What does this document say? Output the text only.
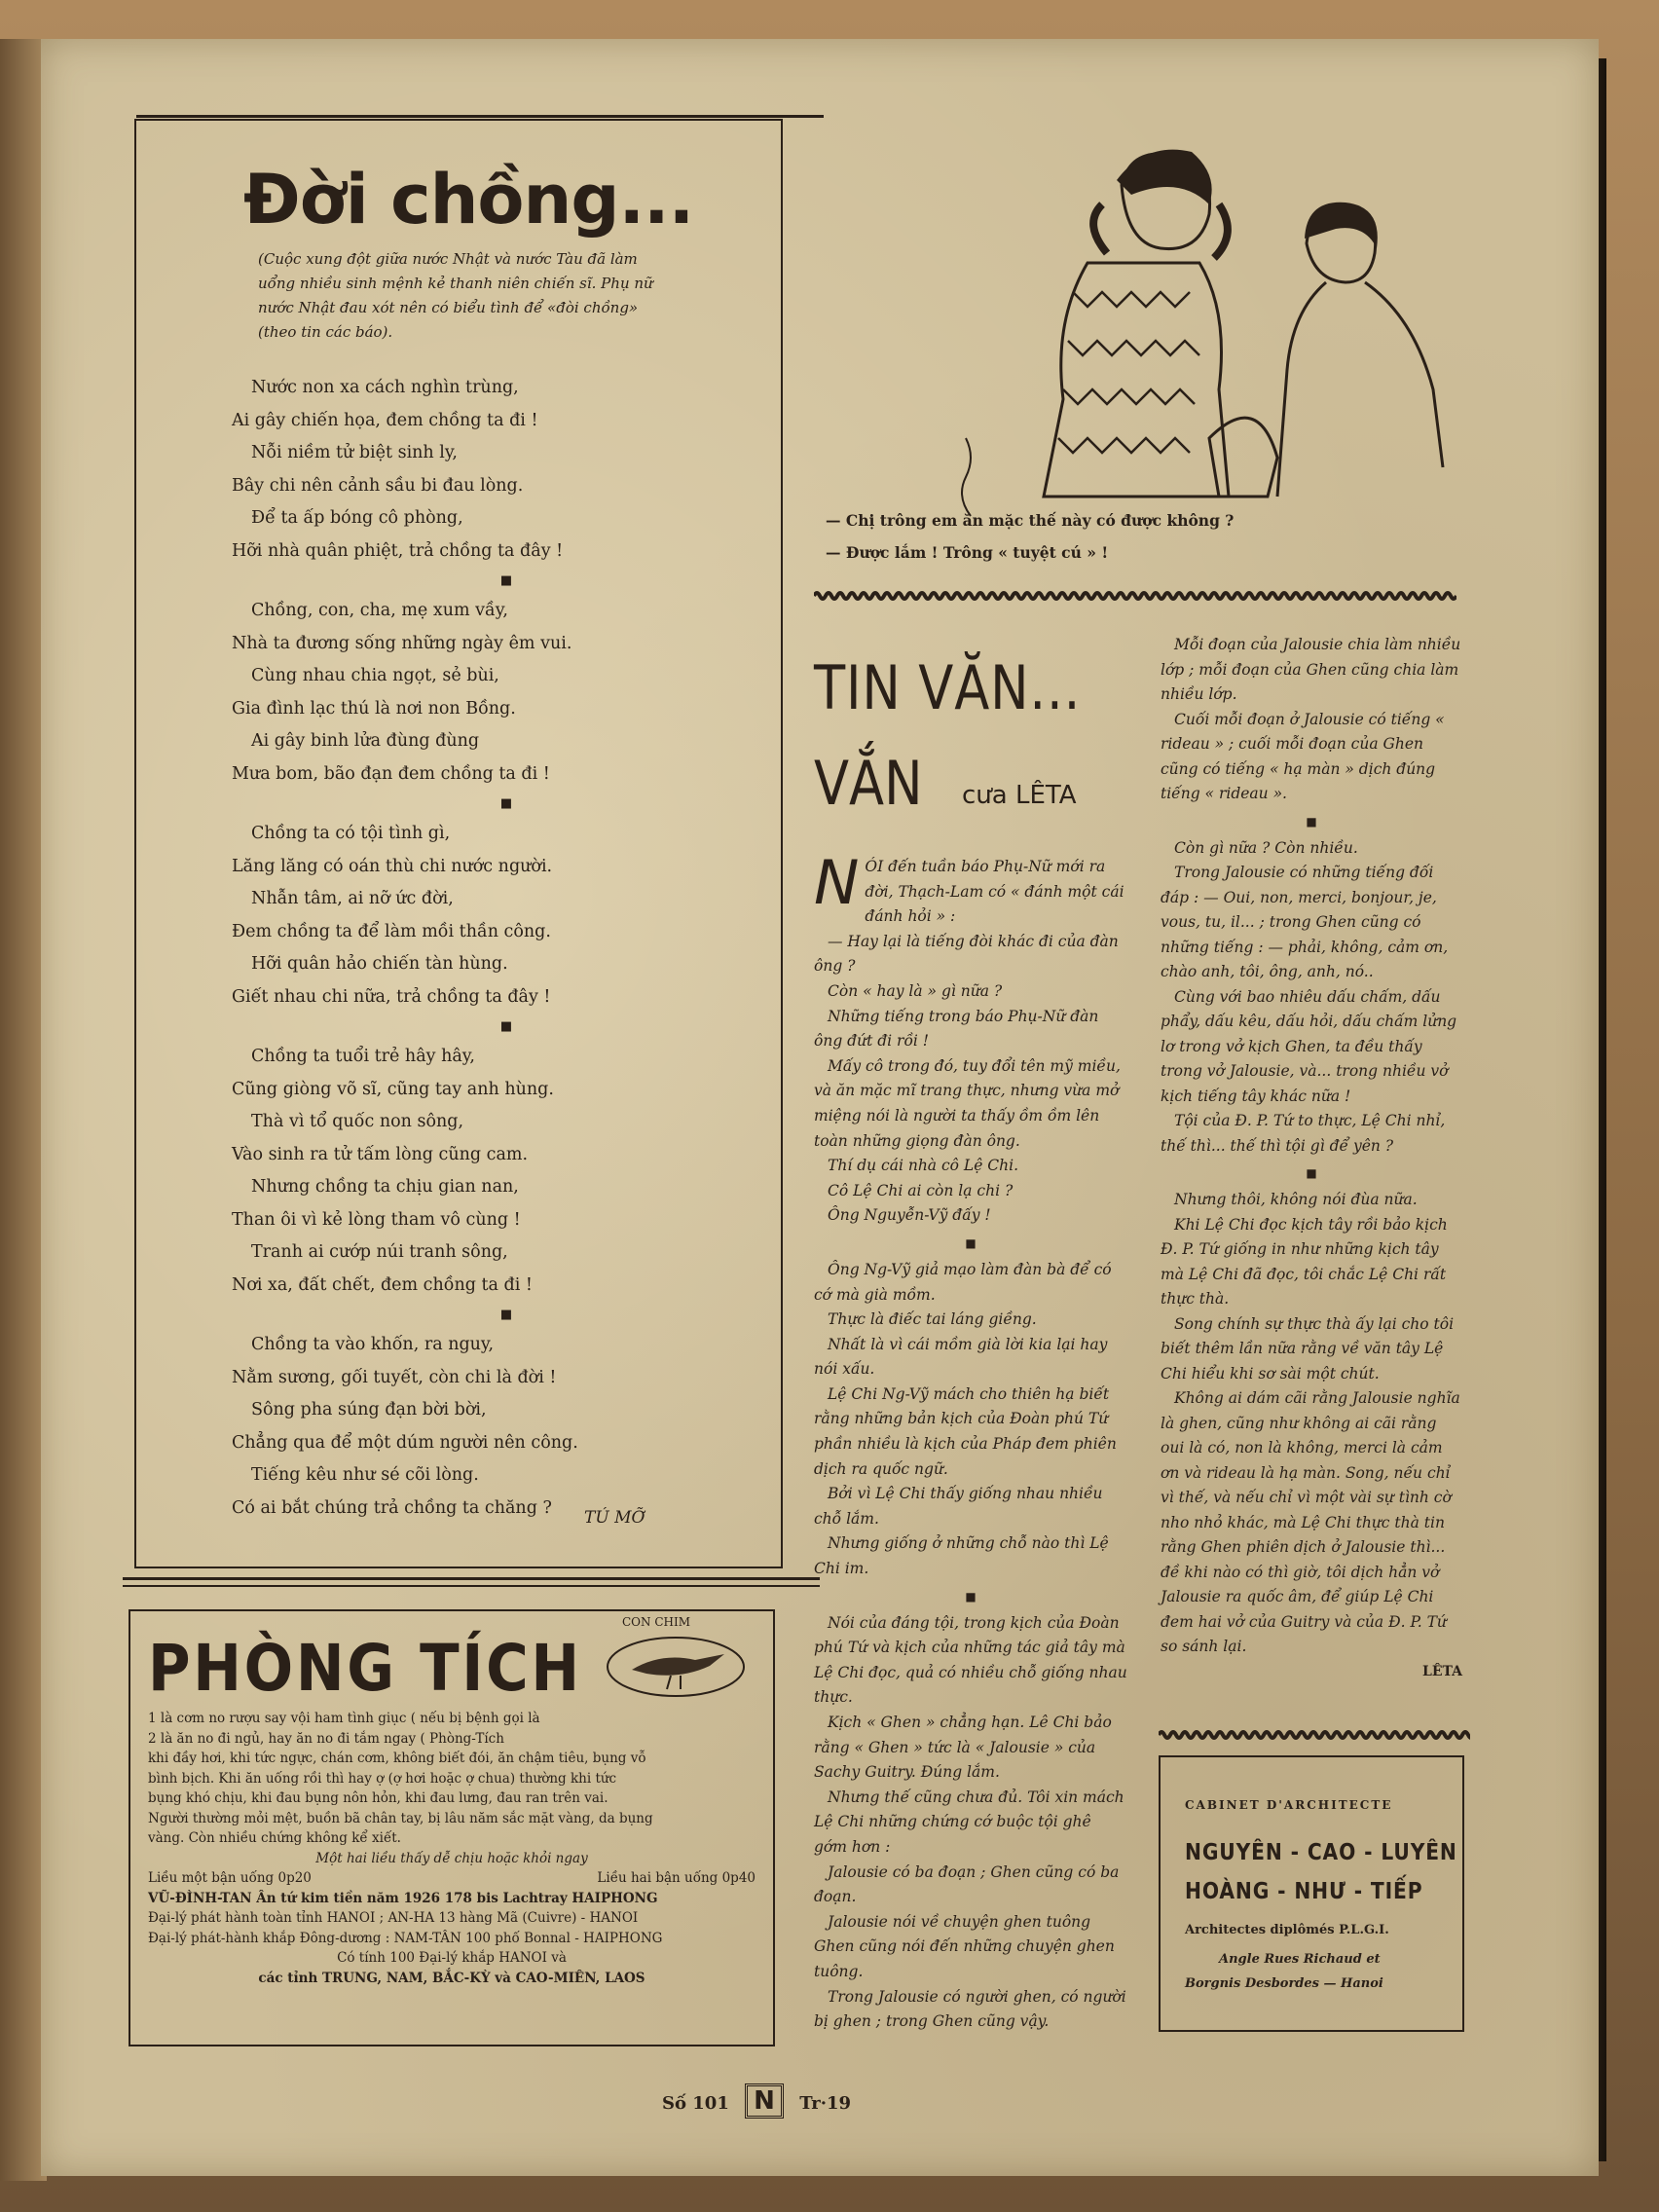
Đời chồng...
(Cuộc xung đột giữa nước Nhật và nước Tàu đã làm uổng nhiều sinh mệnh kẻ thanh niên chiến sĩ. Phụ nữ nước Nhật đau xót nên có biểu tình để «đòi chồng» (theo tin các báo).
Nước non xa cách nghìn trùng,
Ai gây chiến họa, đem chồng ta đi !
Nỗi niềm tử biệt sinh ly,
Bây chi nên cảnh sầu bi đau lòng.
Để ta ấp bóng cô phòng,
Hỡi nhà quân phiệt, trả chồng ta đây !
■
Chồng, con, cha, mẹ xum vầy,
Nhà ta đương sống những ngày êm vui.
Cùng nhau chia ngọt, sẻ bùi,
Gia đình lạc thú là nơi non Bồng.
Ai gây binh lửa đùng đùng
Mưa bom, bão đạn đem chồng ta đi !
■
Chồng ta có tội tình gì,
Lăng lăng có oán thù chi nước người.
Nhẫn tâm, ai nỡ ức đời,
Đem chồng ta để làm mồi thần công.
Hỡi quân hảo chiến tàn hùng.
Giết nhau chi nữa, trả chồng ta đây !
■
Chồng ta tuổi trẻ hây hây,
Cũng giòng võ sĩ, cũng tay anh hùng.
Thà vì tổ quốc non sông,
Vào sinh ra tử tấm lòng cũng cam.
Nhưng chồng ta chịu gian nan,
Than ôi vì kẻ lòng tham vô cùng !
Tranh ai cướp núi tranh sông,
Nơi xa, đất chết, đem chồng ta đi !
■
Chồng ta vào khốn, ra nguy,
Nằm sương, gối tuyết, còn chi là đời !
Sông pha súng đạn bời bời,
Chẳng qua để một dúm người nên công.
Tiếng kêu như sé cõi lòng.
Có ai bắt chúng trả chồng ta chăng ?
TÚ MỠ
PHÒNG TÍCH
CON CHIM
1 là cơm no rượu say vội ham tình giục ( nếu bị bệnh gọi là
2 là ăn no đi ngủ, hay ăn no đi tắm ngay ( Phòng-Tích
khi đầy hơi, khi tức ngực, chán cơm, không biết đói, ăn chậm tiêu, bụng vỗ
bình bịch. Khi ăn uống rồi thì hay ợ (ợ hơi hoặc ợ chua) thường khi tức
bụng khó chịu, khi đau bụng nôn hỏn, khi đau lưng, đau ran trên vai.
Người thường mỏi mệt, buồn bã chân tay, bị lâu năm sắc mặt vàng, da bụng
vàng. Còn nhiều chứng không kể xiết.
Một hai liều thấy dễ chịu hoặc khỏi ngay
Liều một bận uống 0p20	Liều hai bận uống 0p40
VŨ-ĐÌNH-TAN Ân tứ kim tiền năm 1926 178 bis Lachtray HAIPHONG
Đại-lý phát hành toàn tỉnh HANOI ; AN-HA 13 hàng Mã (Cuivre) - HANOI
Đại-lý phát-hành khắp Đông-dương : NAM-TÂN 100 phố Bonnal - HAIPHONG
Có tính 100 Đại-lý khắp HANOI và
các tỉnh TRUNG, NAM, BẮC-KỲ và CAO-MIÊN, LAOS
— Chị trông em ăn mặc thế này có được không ?
— Được lắm ! Trông « tuyệt cú » !
TIN VĂN...
VẮN cưa LÊTA
NÓI đến tuần báo Phụ-Nữ mới ra đời, Thạch-Lam có « đánh một cái đánh hỏi » :
— Hay lại là tiếng đòi khác đi của đàn ông ?
Còn « hay là » gì nữa ?
Những tiếng trong báo Phụ-Nữ đàn ông đứt đi rồi !
Mấy cô trong đó, tuy đổi tên mỹ miều, và ăn mặc mĩ trang thực, nhưng vừa mở miệng nói là người ta thấy ồm ồm lên toàn những giọng đàn ông.
Thí dụ cái nhà cô Lệ Chi.
Cô Lệ Chi ai còn lạ chi ?
Ông Nguyễn-Vỹ đấy !
■
Ông Ng-Vỹ giả mạo làm đàn bà để có cớ mà già mồm.
Thực là điếc tai láng giềng.
Nhất là vì cái mồm già lời kia lại hay nói xấu.
Lệ Chi Ng-Vỹ mách cho thiên hạ biết rằng những bản kịch của Đoàn phú Tứ phần nhiều là kịch của Pháp đem phiên dịch ra quốc ngữ.
Bởi vì Lệ Chi thấy giống nhau nhiều chỗ lắm.
Nhưng giống ở những chỗ nào thì Lệ Chi im.
■
Nói của đáng tội, trong kịch của Đoàn phú Tứ và kịch của những tác giả tây mà Lệ Chi đọc, quả có nhiều chỗ giống nhau thực.
Kịch « Ghen » chẳng hạn. Lê Chi bảo rằng « Ghen » tức là « Jalousie » của Sachy Guitry. Đúng lắm.
Nhưng thế cũng chưa đủ. Tôi xin mách Lệ Chi những chứng cớ buộc tội ghê gớm hơn :
Jalousie có ba đoạn ; Ghen cũng có ba đoạn.
Jalousie nói về chuyện ghen tuông Ghen cũng nói đến những chuyện ghen tuông.
Trong Jalousie có người ghen, có người bị ghen ; trong Ghen cũng vậy.
Mỗi đoạn của Jalousie chia làm nhiều lớp ; mỗi đoạn của Ghen cũng chia làm nhiều lớp.
Cuối mỗi đoạn ở Jalousie có tiếng « rideau » ; cuối mỗi đoạn của Ghen cũng có tiếng « hạ màn » dịch đúng tiếng « rideau ».
■
Còn gì nữa ? Còn nhiều.
Trong Jalousie có những tiếng đối đáp : — Oui, non, merci, bonjour, je, vous, tu, il... ; trong Ghen cũng có những tiếng : — phải, không, cảm ơn, chào anh, tôi, ông, anh, nó..
Cùng với bao nhiêu dấu chấm, dấu phẩy, dấu kêu, dấu hỏi, dấu chấm lửng lơ trong vở kịch Ghen, ta đều thấy trong vở Jalousie, và... trong nhiều vở kịch tiếng tây khác nữa !
Tội của Đ. P. Tứ to thực, Lệ Chi nhỉ, thế thì... thế thì tội gì để yên ?
■
Nhưng thôi, không nói đùa nữa.
Khi Lệ Chi đọc kịch tây rồi bảo kịch Đ. P. Tứ giống in như những kịch tây mà Lệ Chi đã đọc, tôi chắc Lệ Chi rất thực thà.
Song chính sự thực thà ấy lại cho tôi biết thêm lần nữa rằng về văn tây Lệ Chi hiểu khi sơ sài một chút.
Không ai dám cãi rằng Jalousie nghĩa là ghen, cũng như không ai cãi rằng oui là có, non là không, merci là cảm ơn và rideau là hạ màn. Song, nếu chỉ vì thế, và nếu chỉ vì một vài sự tình cờ nho nhỏ khác, mà Lệ Chi thực thà tin rằng Ghen phiên dịch ở Jalousie thì... đề khi nào có thì giờ, tôi dịch hẳn vở Jalousie ra quốc âm, để giúp Lệ Chi đem hai vở của Guitry và của Đ. P. Tứ so sánh lại.
LÊTA
CABINET D'ARCHITECTE
NGUYÊN - CAO - LUYÊN
HOÀNG - NHƯ - TIẾP
Architectes diplômés P.L.G.I.
Angle Rues Richaud et
Borgnis Desbordes — Hanoi
Số 101 N Tr·19
